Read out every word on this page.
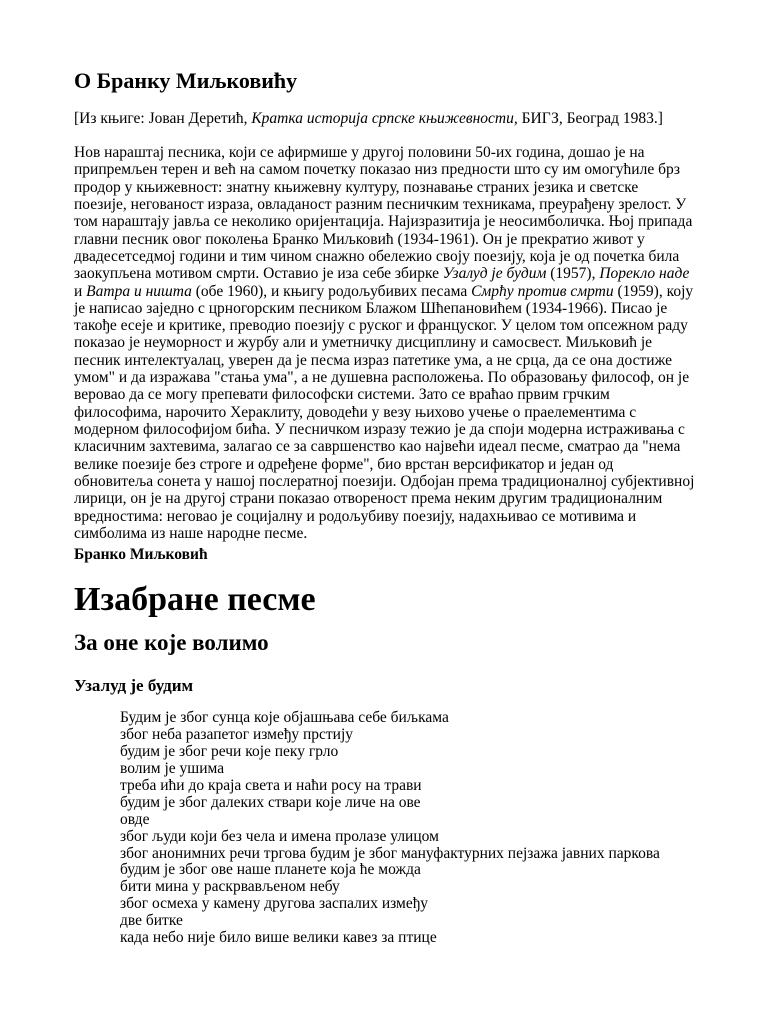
О Бранку Миљковићу

[Из књиге: Јован Деретић, Кратка историја српске књижевности, БИГЗ, Београд 1983.]

Нов нараштај песника, који се афирмише у другој половини 50-их година, дошао је на
припремљен терен и већ на самом почетку показао низ предности што су им омогућиле брз
продор у књижевност: знатну књижевну културу, познавање страних језика и светске
поезије, негованост израза, овладаност разним песничким техникама, преурађену зрелост. У
том нараштају јавља се неколико оријентација. Најизразитија је неосимболичка. Њој припада
главни песник овог поколења Бранко Миљковић (1934-1961). Он је прекратио живот у
двадесетседмој години и тим чином снажно обележио своју поезију, која је од почетка била
заокупљена мотивом смрти. Оставио је иза себе збирке Узалуд је будим (1957), Порекло наде
и Ватра и ништа (обе 1960), и књигу родољубивих песама Смрћу против смрти (1959), коју
је написао заједно с црногорским песником Блажом Шћепановићем (1934-1966). Писао је
такође есеје и критике, преводио поезију с руског и француског. У целом том опсежном раду
показао је неуморност и журбу али и уметничку дисциплину и самосвест. Миљковић је
песник интелектуалац, уверен да је песма израз патетике ума, а не срца, да се она достиже
умом" и да изражава "стања ума", а не душевна расположења. По образовању философ, он је
веровао да се могу препевати философски системи. Зато се враћао првим грчким
философима, нарочито Хераклиту, доводећи у везу њихово учење о праелементима с
модерном философијом бића. У песничком изразу тежио је да споји модерна истраживања с
класичним захтевима, залагао се за савршенство као највећи идеал песме, сматрао да "нема
велике поезије без строге и одређене форме", био врстан версификатор и један од
обновитеља сонета у нашој послератној поезији. Одбојан према традиционалној субјективној
лирици, он је на другој страни показао отвореност према неким другим традиционалним
вредностима: неговао је социјалну и родољубиву поезију, надахњивао се мотивима и
симболима из наше народне песме.

Бранко Миљковић

Изабране песме
За оне које волимо
Узалуд је будим
Будим је због сунца које објашњава себе биљкама
због неба разапетог између прстију
будим је због речи које пеку грло
волим је ушима
треба ићи до краја света и наћи росу на трави
будим је због далеких ствари које личе на ове
овде
због људи који без чела и имена пролазе улицом
због анонимних речи тргова будим је због мануфактурних пејзажа јавних паркова
будим је због ове наше планете која ће можда
бити мина у раскрвављеном небу
због осмеха у камену другова заспалих између
две битке
када небо није било више велики кавез за птице
